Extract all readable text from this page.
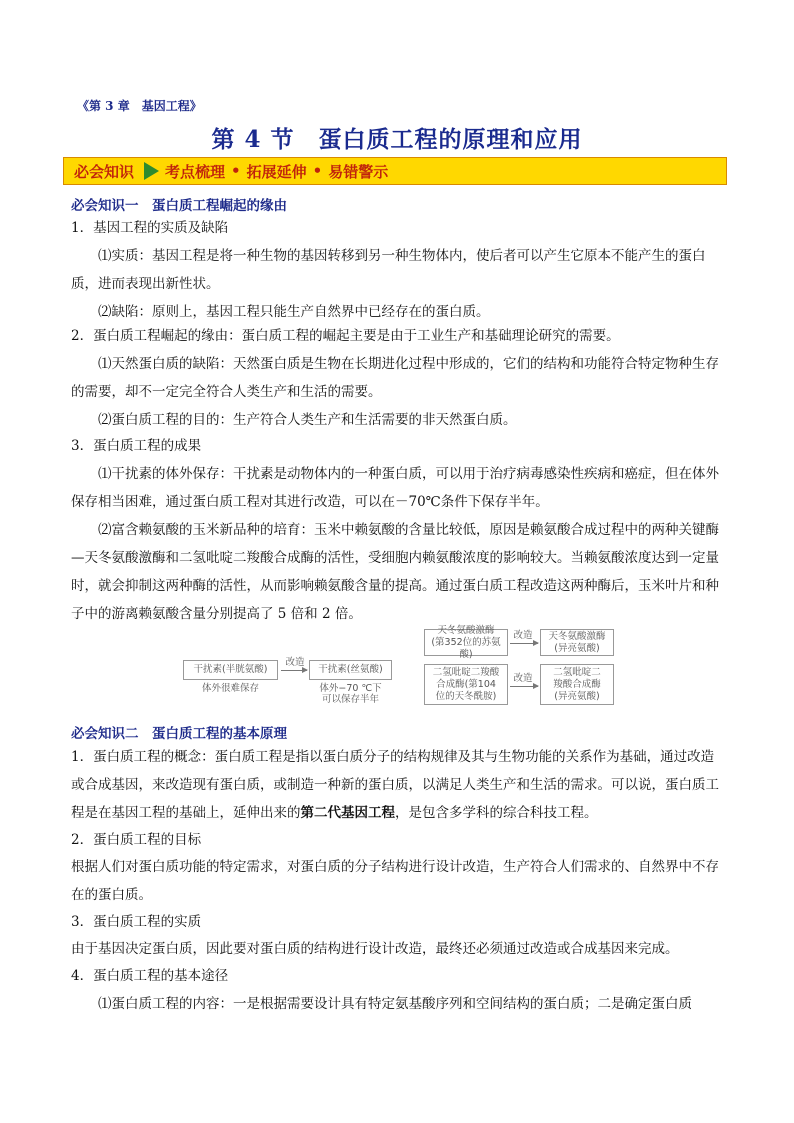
《第 3 章　基因工程》
第 4 节　蛋白质工程的原理和应用
必会知识 考点梳理 • 拓展延伸 • 易错警示
必会知识一　蛋白质工程崛起的缘由
1．基因工程的实质及缺陷
⑴实质：基因工程是将一种生物的基因转移到另一种生物体内，使后者可以产生它原本不能产生的蛋白质，进而表现出新性状。
⑵缺陷：原则上，基因工程只能生产自然界中已经存在的蛋白质。
2．蛋白质工程崛起的缘由：蛋白质工程的崛起主要是由于工业生产和基础理论研究的需要。
⑴天然蛋白质的缺陷：天然蛋白质是生物在长期进化过程中形成的，它们的结构和功能符合特定物种生存的需要，却不一定完全符合人类生产和生活的需要。
⑵蛋白质工程的目的：生产符合人类生产和生活需要的非天然蛋白质。
3．蛋白质工程的成果
⑴干扰素的体外保存：干扰素是动物体内的一种蛋白质，可以用于治疗病毒感染性疾病和癌症，但在体外保存相当困难，通过蛋白质工程对其进行改造，可以在－70℃条件下保存半年。
⑵富含赖氨酸的玉米新品种的培育：玉米中赖氨酸的含量比较低，原因是赖氨酸合成过程中的两种关键酶—天冬氨酸激酶和二氢吡啶二羧酸合成酶的活性，受细胞内赖氨酸浓度的影响较大。当赖氨酸浓度达到一定量时，就会抑制这两种酶的活性，从而影响赖氨酸含量的提高。通过蛋白质工程改造这两种酶后，玉米叶片和种子中的游离赖氨酸含量分别提高了 5 倍和 2 倍。
干扰素(半胱氨酸)
体外很难保存
改造
干扰素(丝氨酸)
体外−70 ℃下
可以保存半年
天冬氨酸激酶
(第352位的苏氨酸)
改造	天冬氨酸激酶
(异亮氨酸)
二氢吡啶二羧酸
合成酶(第104
位的天冬酰胺)
改造
二氢吡啶二
羧酸合成酶
(异亮氨酸)
必会知识二　蛋白质工程的基本原理
1．蛋白质工程的概念：蛋白质工程是指以蛋白质分子的结构规律及其与生物功能的关系作为基础，通过改造或合成基因，来改造现有蛋白质，或制造一种新的蛋白质，以满足人类生产和生活的需求。可以说，蛋白质工程是在基因工程的基础上，延伸出来的第二代基因工程，是包含多学科的综合科技工程。
2．蛋白质工程的目标
根据人们对蛋白质功能的特定需求，对蛋白质的分子结构进行设计改造，生产符合人们需求的、自然界中不存在的蛋白质。
3．蛋白质工程的实质
由于基因决定蛋白质，因此要对蛋白质的结构进行设计改造，最终还必须通过改造或合成基因来完成。
4．蛋白质工程的基本途径
⑴蛋白质工程的内容：一是根据需要设计具有特定氨基酸序列和空间结构的蛋白质；二是确定蛋白质
